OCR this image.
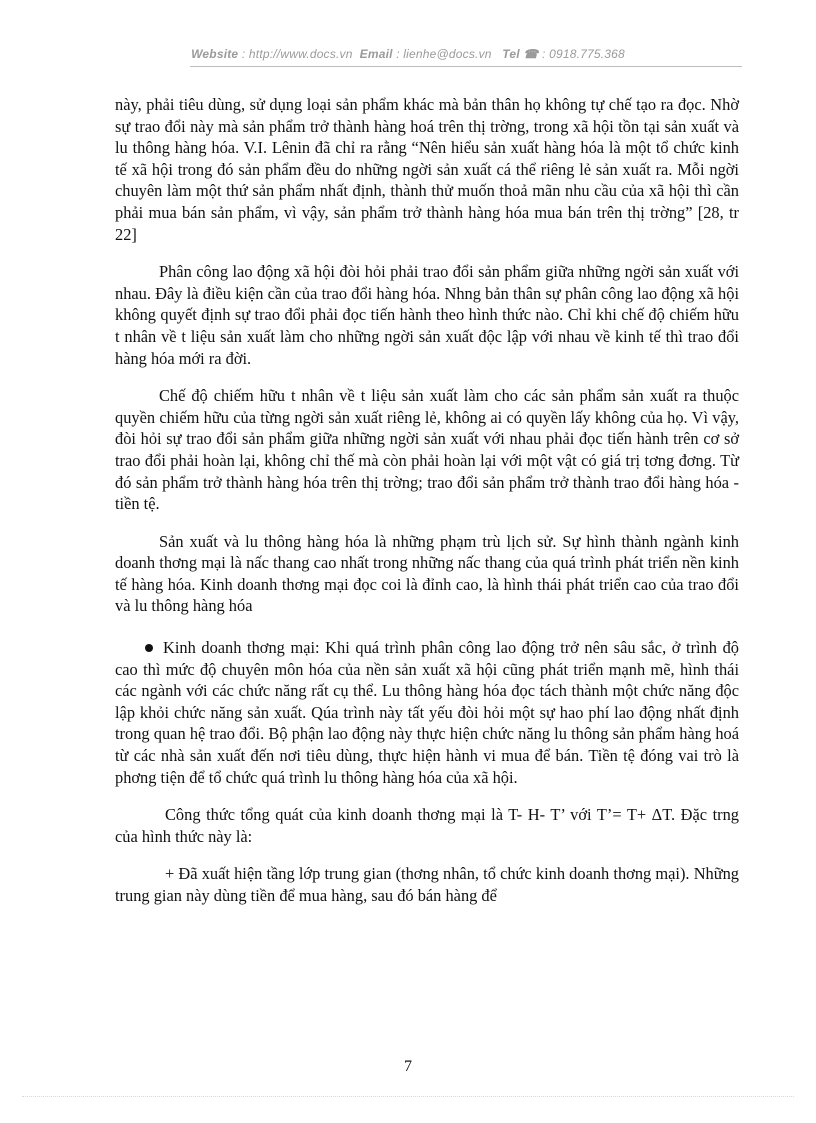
Website : http://www.docs.vn Email : lienhe@docs.vn Tel ☎ : 0918.775.368

này, phải tiêu dùng, sử dụng loại sản phẩm khác mà bản thân họ không tự chế tạo ra đọc. Nhờ sự trao đổi này mà sản phẩm trở thành hàng hoá trên thị trờng, trong xã hội tồn tại sản xuất và lu thông hàng hóa. V.I. Lênin đã chỉ ra rằng “Nên hiểu sản xuất hàng hóa là một tổ chức kinh tế xã hội trong đó sản phẩm đều do những ngời sản xuất cá thể riêng lẻ sản xuất ra. Mỗi ngời chuyên làm một thứ sản phẩm nhất định, thành thử muốn thoả mãn nhu cầu của xã hội thì cần phải mua bán sản phẩm, vì vậy, sản phẩm trở thành hàng hóa mua bán trên thị trờng” [28, tr 22]

Phân công lao động xã hội đòi hỏi phải trao đổi sản phẩm giữa những ngời sản xuất với nhau. Đây là điều kiện cần của trao đổi hàng hóa. Nhng bản thân sự phân công lao động xã hội không quyết định sự trao đổi phải đọc tiến hành theo hình thức nào. Chỉ khi chế độ chiếm hữu t nhân về t liệu sản xuất làm cho những ngời sản xuất độc lập với nhau về kinh tế thì trao đổi hàng hóa mới ra đời.

Chế độ chiếm hữu t nhân về t liệu sản xuất làm cho các sản phẩm sản xuất ra thuộc quyền chiếm hữu của từng ngời sản xuất riêng lẻ, không ai có quyền lấy không của họ. Vì vậy, đòi hỏi sự trao đổi sản phẩm giữa những ngời sản xuất với nhau phải đọc tiến hành trên cơ sở trao đổi phải hoàn lại, không chỉ thế mà còn phải hoàn lại với một vật có giá trị tơng đơng. Từ đó sản phẩm trở thành hàng hóa trên thị trờng; trao đổi sản phẩm trở thành trao đổi hàng hóa - tiền tệ.

Sản xuất và lu thông hàng hóa là những phạm trù lịch sử. Sự hình thành ngành kinh doanh thơng mại là nấc thang cao nhất trong những nấc thang của quá trình phát triển nền kinh tế hàng hóa. Kinh doanh thơng mại đọc coi là đỉnh cao, là hình thái phát triển cao của trao đổi và lu thông hàng hóa

Kinh doanh thơng mại: Khi quá trình phân công lao động trở nên sâu sắc, ở trình độ cao thì mức độ chuyên môn hóa của nền sản xuất xã hội cũng phát triển mạnh mẽ, hình thái các ngành với các chức năng rất cụ thể. Lu thông hàng hóa đọc tách thành một chức năng độc lập khỏi chức năng sản xuất. Qúa trình này tất yếu đòi hỏi một sự hao phí lao động nhất định trong quan hệ trao đổi. Bộ phận lao động này thực hiện chức năng lu thông sản phẩm hàng hoá từ các nhà sản xuất đến nơi tiêu dùng, thực hiện hành vi mua để bán. Tiền tệ đóng vai trò là phơng tiện để tổ chức quá trình lu thông hàng hóa của xã hội.

Công thức tổng quát của kinh doanh thơng mại là T- H- T’ với T’= T+ ΔT. Đặc trng của hình thức này là:

+ Đã xuất hiện tầng lớp trung gian (thơng nhân, tổ chức kinh doanh thơng mại). Những trung gian này dùng tiền để mua hàng, sau đó bán hàng để

7
